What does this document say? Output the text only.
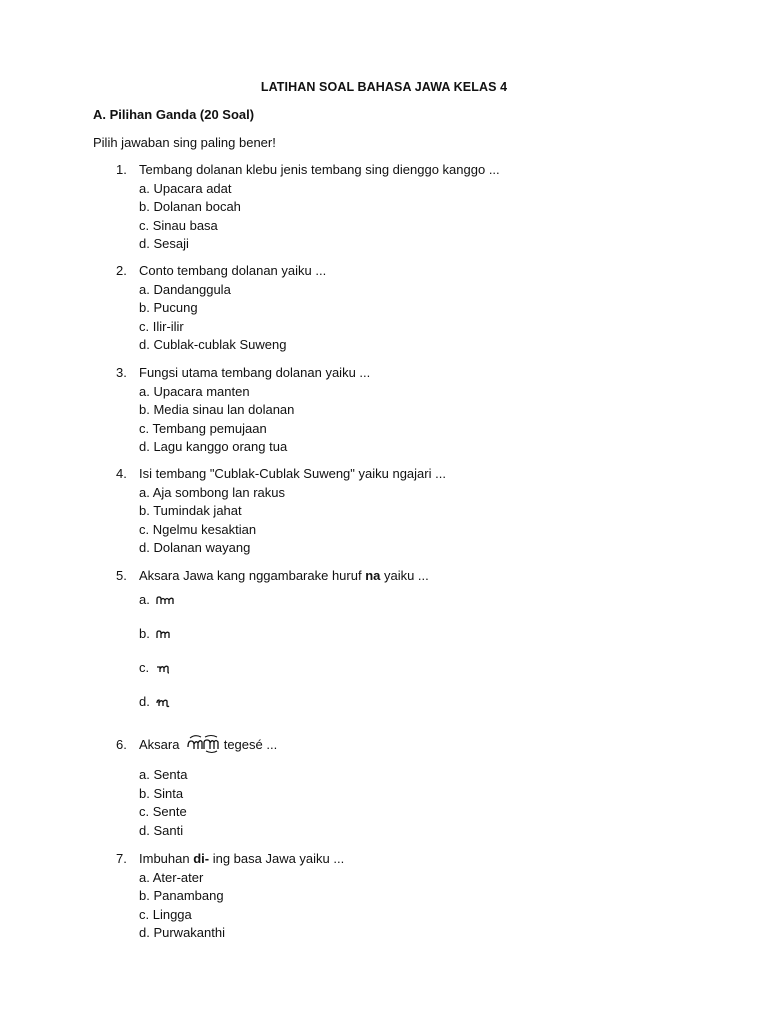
LATIHAN SOAL BAHASA JAWA KELAS 4
A. Pilihan Ganda (20 Soal)
Pilih jawaban sing paling bener!
1. Tembang dolanan klebu jenis tembang sing dienggo kanggo ...
a. Upacara adat
b. Dolanan bocah
c. Sinau basa
d. Sesaji
2. Conto tembang dolanan yaiku ...
a. Dandanggula
b. Pucung
c. Ilir-ilir
d. Cublak-cublak Suweng
3. Fungsi utama tembang dolanan yaiku ...
a. Upacara manten
b. Media sinau lan dolanan
c. Tembang pemujaan
d. Lagu kanggo orang tua
4. Isi tembang "Cublak-Cublak Suweng" yaiku ngajari ...
a. Aja sombong lan rakus
b. Tumindak jahat
c. Ngelmu kesaktian
d. Dolanan wayang
5. Aksara Jawa kang nggambarake huruf na yaiku ...
a.
b.
c.
d.
6. Aksara	tegesé ...
a. Senta
b. Sinta
c. Sente
d. Santi
7. Imbuhan di- ing basa Jawa yaiku ...
a. Ater-ater
b. Panambang
c. Lingga
d. Purwakanthi
